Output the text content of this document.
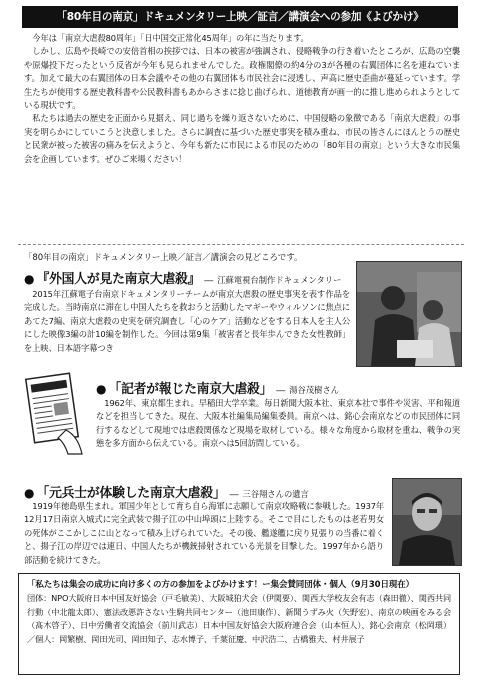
「80年目の南京」ドキュメンタリー上映／証言／講演会への参加《よびかけ》

今年は「南京大虐殺80周年」「日中国交正常化45周年」の年に当たります。

しかし、広島や長崎での安倍首相の挨拶では、日本の被害が強調され、侵略戦争の行き着いたところが、広島の空襲や原爆投下だったという反省が今年も見られませんでした。政権閣僚の約4分の3が各種の右翼団体に名を連ねています。加えて最大の右翼団体の日本会議やその他の右翼団体も市民社会に浸透し、声高に歴史歪曲が蔓延っています。学生たちが使用する歴史教科書や公民教科書もあからさまに捻じ曲げられ、道徳教育が画一的に推し進められようとしている現状です。

私たちは過去の歴史を正面から見据え、同じ過ちを繰り返さないために、中国侵略の象徴である「南京大虐殺」の事実を明らかにしていこうと決意しました。さらに調査に基づいた歴史事実を積み重ね、市民の皆さんにほんとうの歴史と民衆が被った被害の痛みを伝えようと、今年も新たに市民による市民のための「80年目の南京」という大きな市民集会を企画しています。ぜひご来場ください！

「80年目の南京」ドキュメンタリー上映／証言／講演会の見どころです。
● 『外国人が見た南京大虐殺』 ― 江蘇電視台制作ドキュメンタリー

2015年江蘇電子台南京ドキュメンタリーチームが南京大虐殺の歴史事実を表す作品を完成した。当時南京に滞在し中国人たちを救おうと活動したマギーやウィルソンに焦点にあてた7編、南京大虐殺の史実を研究調査し「心のケア」活動などをする日本人を主人公にした映像3編の計10編を制作した。今回は第9集「被害者と長年歩んできた女性教師」を上映、日本語字幕つき

● 「記者が報じた南京大虐殺」 ― 湯谷茂樹さん

1962年、東京都生まれ。早稲田大学卒業。毎日新聞大阪本社、東京本社で事件や災害、平和報道などを担当してきた。現在、大阪本社編集局編集委員。南京へは、銘心会南京などの市民団体に同行するなどして現地では虐殺関係など現場を取材している。様々な角度から取材を重ね、戦争の実態を多方面から伝えている。南京へは5回訪問している。

● 「元兵士が体験した南京大虐殺」 ― 三谷翔さんの遺言

1919年徳島県生まれ。軍国少年として育ち自ら海軍に志願して南京攻略戦に参戦した。1937年12月17日南京入城式に完全武装で揚子江の中山埠頭に上陸する。そこで目にしたものは老若男女の死体がここかしこに山となって積み上げられていた。その後、艦遂艦に戻り見張りの当番に着くと、揚子江の岸辺では連日、中国人たちが機銃掃射されている光景を目撃した。1997年から語り部活動を続けてきた。

「私たちは集会の成功に向け多くの方の参加をよびかけます！ー集会賛同団体・個人（9月30日現在）
団体：NPO大阪府日本中国友好協会（戸毛敏美）、大阪城狛犬会（伊関要）、関西大学校友会有志（森田徹）、関西共同行動（中北龍太郎）、憲法改悪許さない生駒共同センター（池田康作）、新聞うずみ火（矢野宏）、南京の映画をみる会（髙木啓子）、日中労働者交流協会（前川武志）日本中国友好協会大阪府連合会（山本恒人）、銘心会南京（松岡環）／個人：岡繁樹、岡田光司、岡田知子、志水博子、千葉征慶、中沢浩二、古橋雅夫、村井展子
